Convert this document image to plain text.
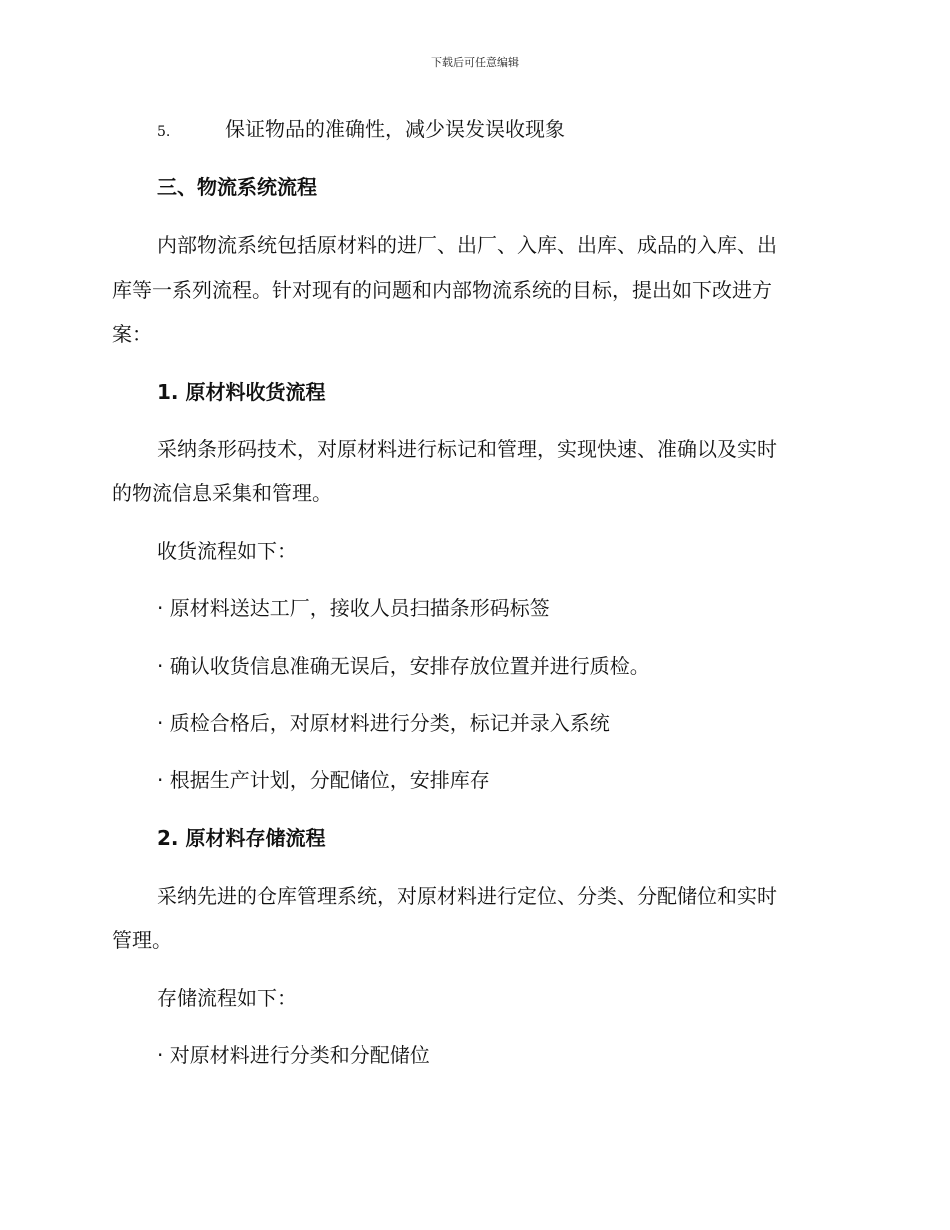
下载后可任意编辑
5.	保证物品的准确性，减少误发误收现象
三、物流系统流程
内部物流系统包括原材料的进厂、出厂、入库、出库、成品的入库、出
库等一系列流程。针对现有的问题和内部物流系统的目标，提出如下改进方
案：
1. 原材料收货流程
采纳条形码技术，对原材料进行标记和管理，实现快速、准确以及实时
的物流信息采集和管理。
收货流程如下：
· 原材料送达工厂，接收人员扫描条形码标签
· 确认收货信息准确无误后，安排存放位置并进行质检。
· 质检合格后，对原材料进行分类，标记并录入系统
· 根据生产计划，分配储位，安排库存
2. 原材料存储流程
采纳先进的仓库管理系统，对原材料进行定位、分类、分配储位和实时
管理。
存储流程如下：
· 对原材料进行分类和分配储位
